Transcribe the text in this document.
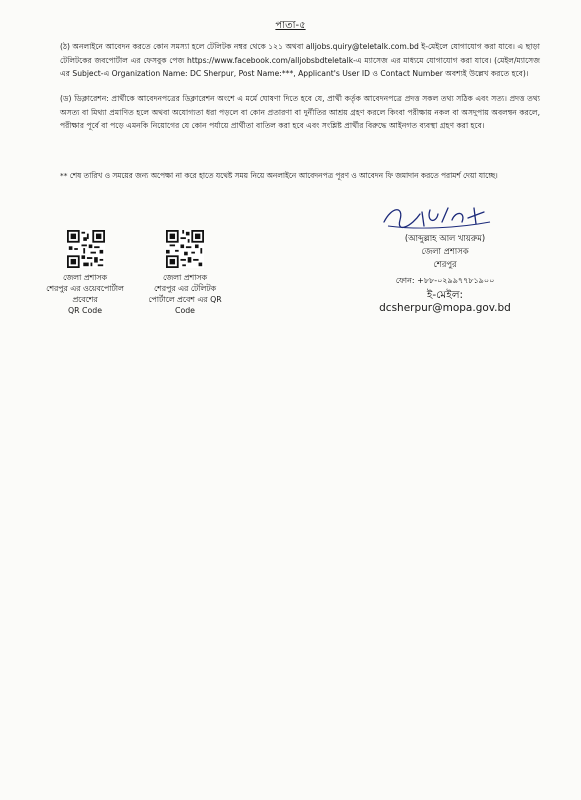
পাতা-৫
(ঠ) অনলাইনে আবেদন করতে কোন সমস্যা হলে টেলিটক নম্বর থেকে ১২১ অথবা alljobs.quiry@teletalk.com.bd ই-মেইলে যোগাযোগ করা যাবে। এ ছাড়া টেলিটকের জবপোর্টাল এর ফেসবুক পেজ https://www.facebook.com/alljobsbdteletalk-এ ম্যাসেজ এর মাধ্যমে যোগাযোগ করা যাবে। (মেইল/ম্যাসেজ এর Subject-এ Organization Name: DC Sherpur, Post Name:***, Applicant's User ID ও Contact Number অবশ্যই উল্লেখ করতে হবে)।
(ড) ডিক্লারেশন: প্রার্থীকে আবেদনপত্রের ডিক্লারেশন অংশে এ মর্মে ঘোষণা দিতে হবে যে, প্রার্থী কর্তৃক আবেদনপত্রে প্রদত্ত সকল তথ্য সঠিক এবং সত্য। প্রদত্ত তথ্য অসত্য বা মিথ্যা প্রমাণিত হলে অথবা অযোগ্যতা ধরা পড়লে বা কোন প্রতারণা বা দুর্নীতির আশ্রয় গ্রহণ করলে কিংবা পরীক্ষায় নকল বা অসদুপায় অবলম্বন করলে, পরীক্ষার পূর্বে বা পড়ে এমনকি নিয়োগের যে কোন পর্যায়ে প্রার্থীতা বাতিল করা হবে এবং সংশ্লিষ্ট প্রার্থীর বিরুদ্ধে আইনগত ব্যবস্থা গ্রহণ করা হবে।
** শেষ তারিখ ও সময়ের জন্য অপেক্ষা না করে হাতে যথেষ্ট সময় নিয়ে অনলাইনে আবেদনপত্র পূরণ ও আবেদন ফি জমাদান করতে পরামর্শ দেয়া যাচ্ছে।
(আব্দুল্লাহ আল খায়রুম)
জেলা প্রশাসক
শেরপুর
ফোন: +৮৮-০২৯৯৭৭৮১৯০০
ই-মেইল: dcsherpur@mopa.gov.bd
জেলা প্রশাসক
শেরপুর এর ওয়েবপোর্টাল
প্রবেশের
QR Code
জেলা প্রশাসক
শেরপুর এর টেলিটক
পোর্টালে প্রবেশ এর QR
Code
